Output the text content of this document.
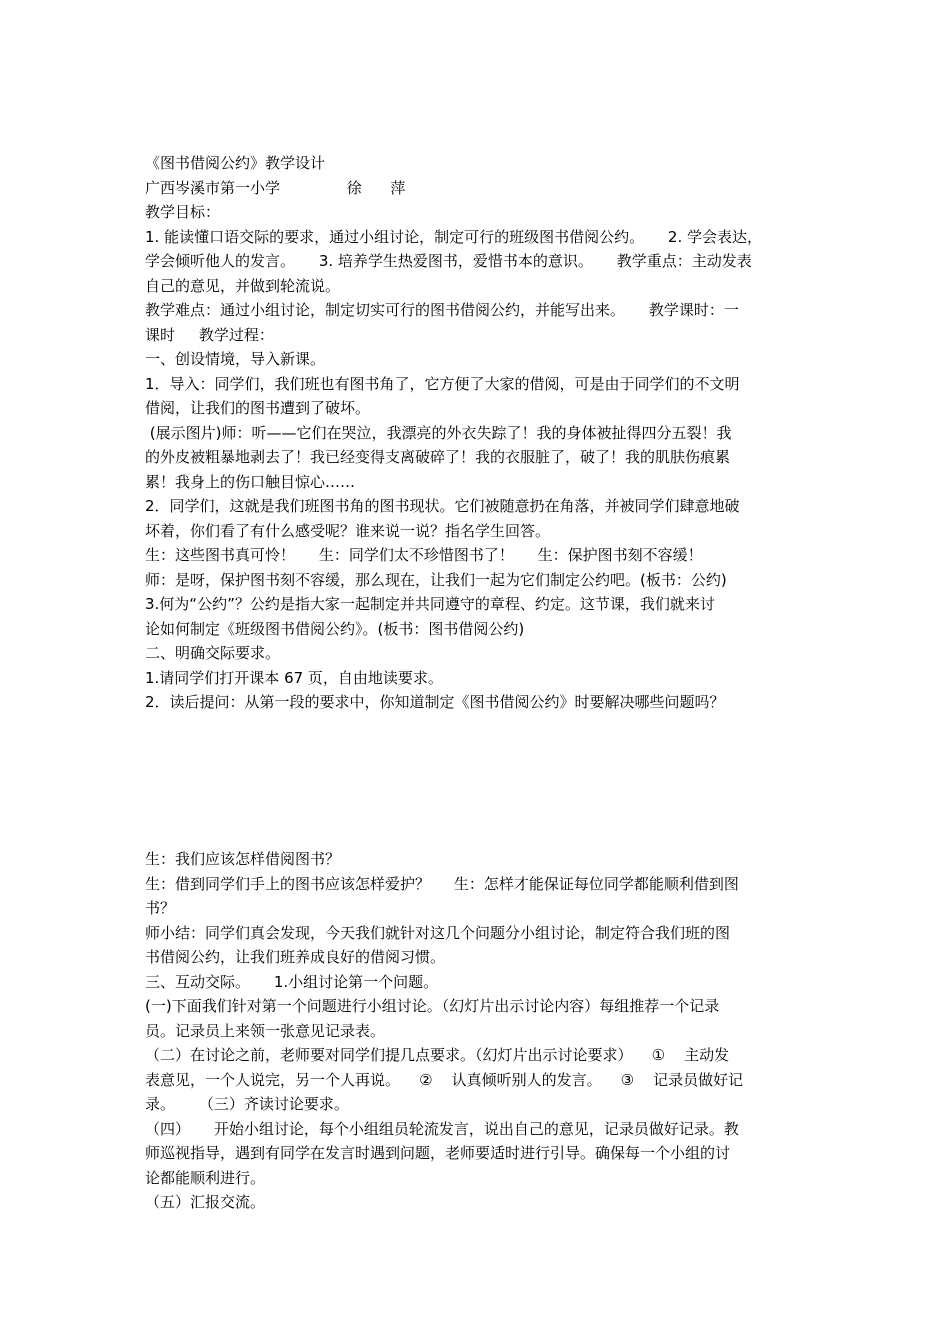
《图书借阅公约》教学设计

广西岑溪市第一小学              徐      萍

教学目标：

1. 能读懂口语交际的要求，通过小组讨论，制定可行的班级图书借阅公约。     2. 学会表达，

学会倾听他人的发言。     3. 培养学生热爱图书，爱惜书本的意识。     教学重点：主动发表

自己的意见，并做到轮流说。

教学难点：通过小组讨论，制定切实可行的图书借阅公约，并能写出来。     教学课时：一

课时     教学过程：

一、创设情境，导入新课。

1．导入：同学们，我们班也有图书角了，它方便了大家的借阅，可是由于同学们的不文明

借阅，让我们的图书遭到了破坏。

(展示图片)师：听——它们在哭泣，我漂亮的外衣失踪了！我的身体被扯得四分五裂！我

的外皮被粗暴地剥去了！我已经变得支离破碎了！我的衣服脏了，破了！我的肌肤伤痕累

累！我身上的伤口触目惊心……

2．同学们，这就是我们班图书角的图书现状。它们被随意扔在角落，并被同学们肆意地破

坏着，你们看了有什么感受呢？谁来说一说？指名学生回答。

生：这些图书真可怜！     生：同学们太不珍惜图书了！     生：保护图书刻不容缓！

师：是呀，保护图书刻不容缓，那么现在，让我们一起为它们制定公约吧。(板书：公约)

3.何为“公约”？公约是指大家一起制定并共同遵守的章程、约定。这节课，我们就来讨

论如何制定《班级图书借阅公约》。(板书：图书借阅公约)

二、明确交际要求。

1.请同学们打开课本 67 页，自由地读要求。

2．读后提问：从第一段的要求中，你知道制定《图书借阅公约》时要解决哪些问题吗？

生：我们应该怎样借阅图书？

生：借到同学们手上的图书应该怎样爱护？     生：怎样才能保证每位同学都能顺利借到图

书？

师小结：同学们真会发现，今天我们就针对这几个问题分小组讨论，制定符合我们班的图

书借阅公约，让我们班养成良好的借阅习惯。

三、互动交际。     1.小组讨论第一个问题。

(一)下面我们针对第一个问题进行小组讨论。（幻灯片出示讨论内容）每组推荐一个记录

员。记录员上来领一张意见记录表。

（二）在讨论之前，老师要对同学们提几点要求。（幻灯片出示讨论要求）    ①    主动发

表意见，一个人说完，另一个人再说。    ②    认真倾听别人的发言。    ③    记录员做好记

录。     （三）齐读讨论要求。

（四）     开始小组讨论，每个小组组员轮流发言，说出自己的意见，记录员做好记录。教

师巡视指导，遇到有同学在发言时遇到问题，老师要适时进行引导。确保每一个小组的讨

论都能顺利进行。

（五）汇报交流。
